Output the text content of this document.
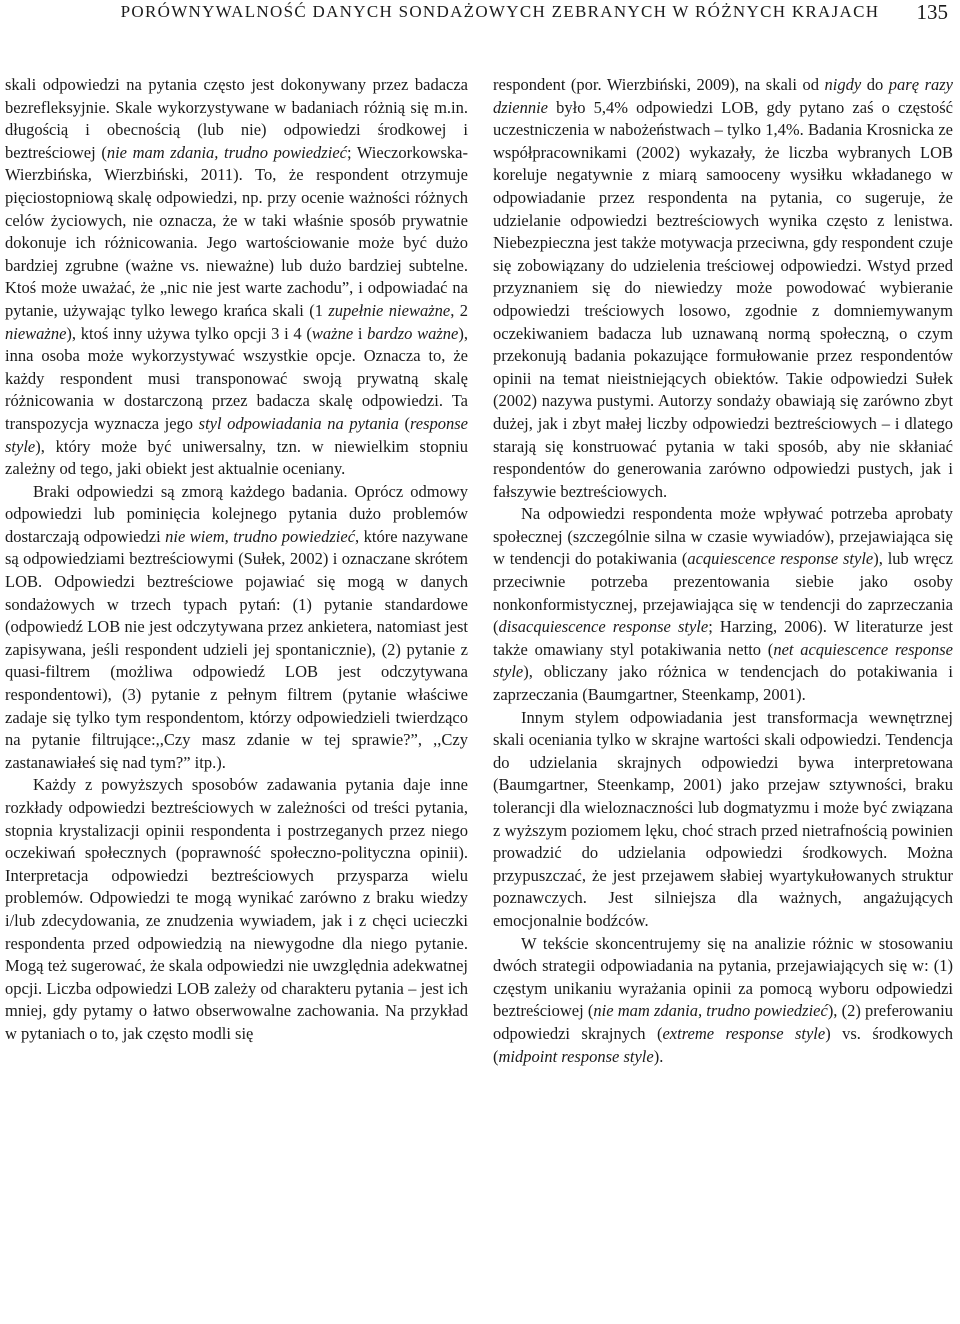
PORÓWNYWALNOŚĆ DANYCH SONDAŻOWYCH ZEBRANYCH W RÓŻNYCH KRAJACH	135

skali odpowiedzi na pytania często jest dokonywany przez badacza bezrefleksyjnie. Skale wykorzystywane w badaniach różnią się m.in. długością i obecnością (lub nie) odpowiedzi środkowej i beztreściowej (nie mam zdania, trudno powiedzieć; Wieczorkowska-Wierzbińska, Wierzbiński, 2011). To, że respondent otrzymuje pięciostopniową skalę odpowiedzi, np. przy ocenie ważności różnych celów życiowych, nie oznacza, że w taki właśnie sposób prywatnie dokonuje ich różnicowania. Jego wartościowanie może być dużo bardziej zgrubne (ważne vs. nieważne) lub dużo bardziej subtelne. Ktoś może uważać, że „nic nie jest warte zachodu”, i odpowiadać na pytanie, używając tylko lewego krańca skali (1 zupełnie nieważne, 2 nieważne), ktoś inny używa tylko opcji 3 i 4 (ważne i bardzo ważne), inna osoba może wykorzystywać wszystkie opcje. Oznacza to, że każdy respondent musi transponować swoją prywatną skalę różnicowania w dostarczoną przez badacza skalę odpowiedzi. Ta transpozycja wyznacza jego styl odpowiadania na pytania (response style), który może być uniwersalny, tzn. w niewielkim stopniu zależny od tego, jaki obiekt jest aktualnie oceniany.

Braki odpowiedzi są zmorą każdego badania. Oprócz odmowy odpowiedzi lub pominięcia kolejnego pytania dużo problemów dostarczają odpowiedzi nie wiem, trudno powiedzieć, które nazywane są odpowiedziami beztreściowymi (Sułek, 2002) i oznaczane skrótem LOB. Odpowiedzi beztreściowe pojawiać się mogą w danych sondażowych w trzech typach pytań: (1) pytanie standardowe (odpowiedź LOB nie jest odczytywana przez ankietera, natomiast jest zapisywana, jeśli respondent udzieli jej spontanicznie), (2) pytanie z quasi-filtrem (możliwa odpowiedź LOB jest odczytywana respondentowi), (3) pytanie z pełnym filtrem (pytanie właściwe zadaje się tylko tym respondentom, którzy odpowiedzieli twierdząco na pytanie filtrujące:,,Czy masz zdanie w tej sprawie?”, ,,Czy zastanawiałeś się nad tym?” itp.).

Każdy z powyższych sposobów zadawania pytania daje inne rozkłady odpowiedzi beztreściowych w zależności od treści pytania, stopnia krystalizacji opinii respondenta i postrzeganych przez niego oczekiwań społecznych (poprawność społeczno-polityczna opinii). Interpretacja odpowiedzi beztreściowych przysparza wielu problemów. Odpowiedzi te mogą wynikać zarówno z braku wiedzy i/lub zdecydowania, ze znudzenia wywiadem, jak i z chęci ucieczki respondenta przed odpowiedzią na niewygodne dla niego pytanie. Mogą też sugerować, że skala odpowiedzi nie uwzględnia adekwatnej opcji. Liczba odpowiedzi LOB zależy od charakteru pytania – jest ich mniej, gdy pytamy o łatwo obserwowalne zachowania. Na przykład w pytaniach o to, jak często modli się

respondent (por. Wierzbiński, 2009), na skali od nigdy do parę razy dziennie było 5,4% odpowiedzi LOB, gdy pytano zaś o częstość uczestniczenia w nabożeństwach – tylko 1,4%. Badania Krosnicka ze współpracownikami (2002) wykazały, że liczba wybranych LOB koreluje negatywnie z miarą samooceny wysiłku wkładanego w odpowiadanie przez respondenta na pytania, co sugeruje, że udzielanie odpowiedzi beztreściowych wynika często z lenistwa. Niebezpieczna jest także motywacja przeciwna, gdy respondent czuje się zobowiązany do udzielenia treściowej odpowiedzi. Wstyd przed przyznaniem się do niewiedzy może powodować wybieranie odpowiedzi treściowych losowo, zgodnie z domniemywanym oczekiwaniem badacza lub uznawaną normą społeczną, o czym przekonują badania pokazujące formułowanie przez respondentów opinii na temat nieistniejących obiektów. Takie odpowiedzi Sułek (2002) nazywa pustymi. Autorzy sondaży obawiają się zarówno zbyt dużej, jak i zbyt małej liczby odpowiedzi beztreściowych – i dlatego starają się konstruować pytania w taki sposób, aby nie skłaniać respondentów do generowania zarówno odpowiedzi pustych, jak i fałszywie beztreściowych.

Na odpowiedzi respondenta może wpływać potrzeba aprobaty społecznej (szczególnie silna w czasie wywiadów), przejawiająca się w tendencji do potakiwania (acquiescence response style), lub wręcz przeciwnie potrzeba prezentowania siebie jako osoby nonkonformistycznej, przejawiająca się w tendencji do zaprzeczania (disacquiescence response style; Harzing, 2006). W literaturze jest także omawiany styl potakiwania netto (net acquiescence response style), obliczany jako różnica w tendencjach do potakiwania i zaprzeczania (Baumgartner, Steenkamp, 2001).

Innym stylem odpowiadania jest transformacja wewnętrznej skali oceniania tylko w skrajne wartości skali odpowiedzi. Tendencja do udzielania skrajnych odpowiedzi bywa interpretowana (Baumgartner, Steenkamp, 2001) jako przejaw sztywności, braku tolerancji dla wieloznaczności lub dogmatyzmu i może być związana z wyższym poziomem lęku, choć strach przed nietrafnością powinien prowadzić do udzielania odpowiedzi środkowych. Można przypuszczać, że jest przejawem słabiej wyartykułowanych struktur poznawczych. Jest silniejsza dla ważnych, angażujących emocjonalnie bodźców.

W tekście skoncentrujemy się na analizie różnic w stosowaniu dwóch strategii odpowiadania na pytania, przejawiających się w: (1) częstym unikaniu wyrażania opinii za pomocą wyboru odpowiedzi beztreściowej (nie mam zdania, trudno powiedzieć), (2) preferowaniu odpowiedzi skrajnych (extreme response style) vs. środkowych (midpoint response style).
